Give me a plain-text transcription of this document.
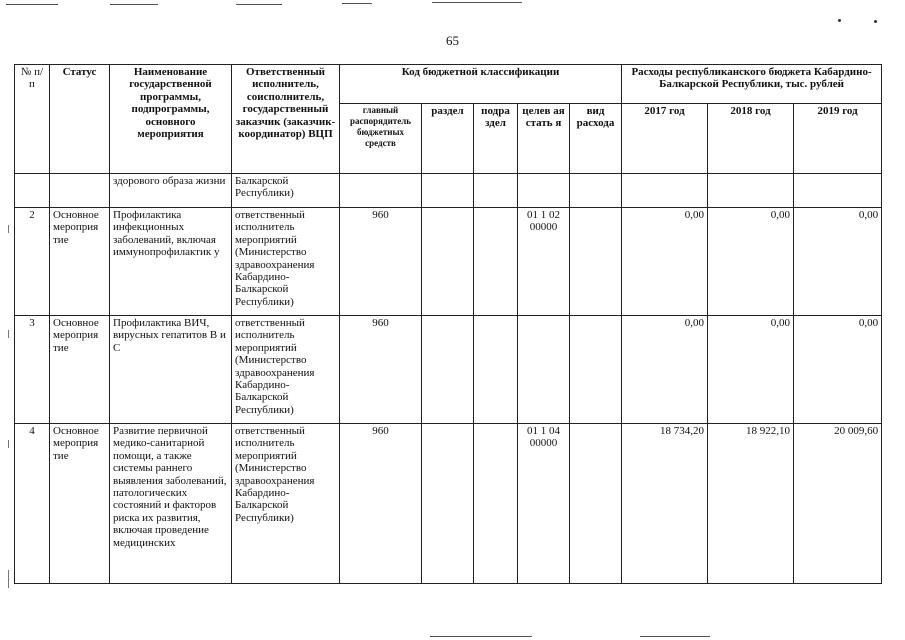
65
№ п/п	Статус	Наименование государственной программы, подпрограммы, основного мероприятия	Ответственный исполнитель, соисполнитель, государственный заказчик (заказчик-координатор) ВЦП	Код бюджетной классификации					Расходы республиканского бюджета Кабардино-Балкарской Республики, тыс. рублей		
				главный распорядитель бюджетных средств	раздел	подра здел	целев ая стать я	вид расхода	2017 год	2018 год	2019 год
		здорового образа жизни	Балкарской Республики)								
2	Основное мероприя тие	Профилактика инфекционных заболеваний, включая иммунопрофилактик у	ответственный исполнитель мероприятий (Министерство здравоохранения Кабардино-Балкарской Республики)	960			01 1 02 00000		0,00	0,00	0,00
3	Основное мероприя тие	Профилактика ВИЧ, вирусных гепатитов В и С	ответственный исполнитель мероприятий (Министерство здравоохранения Кабардино-Балкарской Республики)	960					0,00	0,00	0,00
4	Основное мероприя тие	Развитие первичной медико-санитарной помощи, а также системы раннего выявления заболеваний, патологических состояний и факторов риска их развития, включая проведение медицинских	ответственный исполнитель мероприятий (Министерство здравоохранения Кабардино-Балкарской Республики)	960			01 1 04 00000		18 734,20	18 922,10	20 009,60
